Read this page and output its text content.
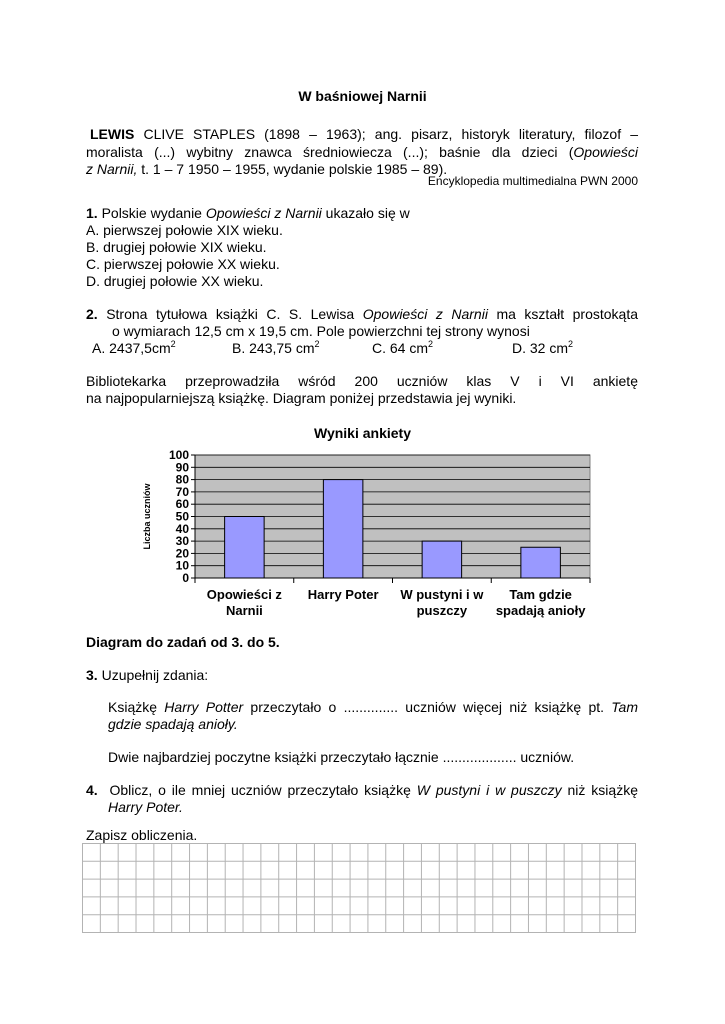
W baśniowej Narnii
LEWIS CLIVE STAPLES (1898 – 1963); ang. pisarz, historyk literatury, filozof –
moralista (...) wybitny znawca średniowiecza (...); baśnie dla dzieci (Opowieści
z Narnii, t. 1 – 7 1950 – 1955, wydanie polskie 1985 – 89).
Encyklopedia multimedialna PWN 2000
1. Polskie wydanie Opowieści z Narnii ukazało się w
A. pierwszej połowie XIX wieku.
B. drugiej połowie XIX wieku.
C. pierwszej połowie XX wieku.
D. drugiej połowie XX wieku.
2. Strona tytułowa książki C. S. Lewisa Opowieści z Narnii ma kształt prostokąta
o wymiarach 12,5 cm x 19,5 cm. Pole powierzchni tej strony wynosi
A. $2437,5cm^2$	B. 243,75 $cm^2$	C. 64 $cm^2$	D. 32 $cm^2$
Bibliotekarka przeprowadziła wśród 200 uczniów klas V i VI ankietę
na najpopularniejszą książkę. Diagram poniżej przedstawia jej wyniki.
Wyniki ankiety
100
90
80
70
60
50
40
30
20
10
0
Opowieści z
Narnii
Harry Poter W pustyni i w
puszczy
Tam gdzie
spadają anioły
Liczba uczniów
Diagram do zadań od 3. do 5.
3. Uzupełnij zdania:
Książkę Harry Potter przeczytało o .............. uczniów więcej niż książkę pt. Tam
gdzie spadają anioły.
Dwie najbardziej poczytne książki przeczytało łącznie ................... uczniów.
4. Oblicz, o ile mniej uczniów przeczytało książkę W pustyni i w puszczy niż książkę
Harry Poter.
Zapisz obliczenia.
